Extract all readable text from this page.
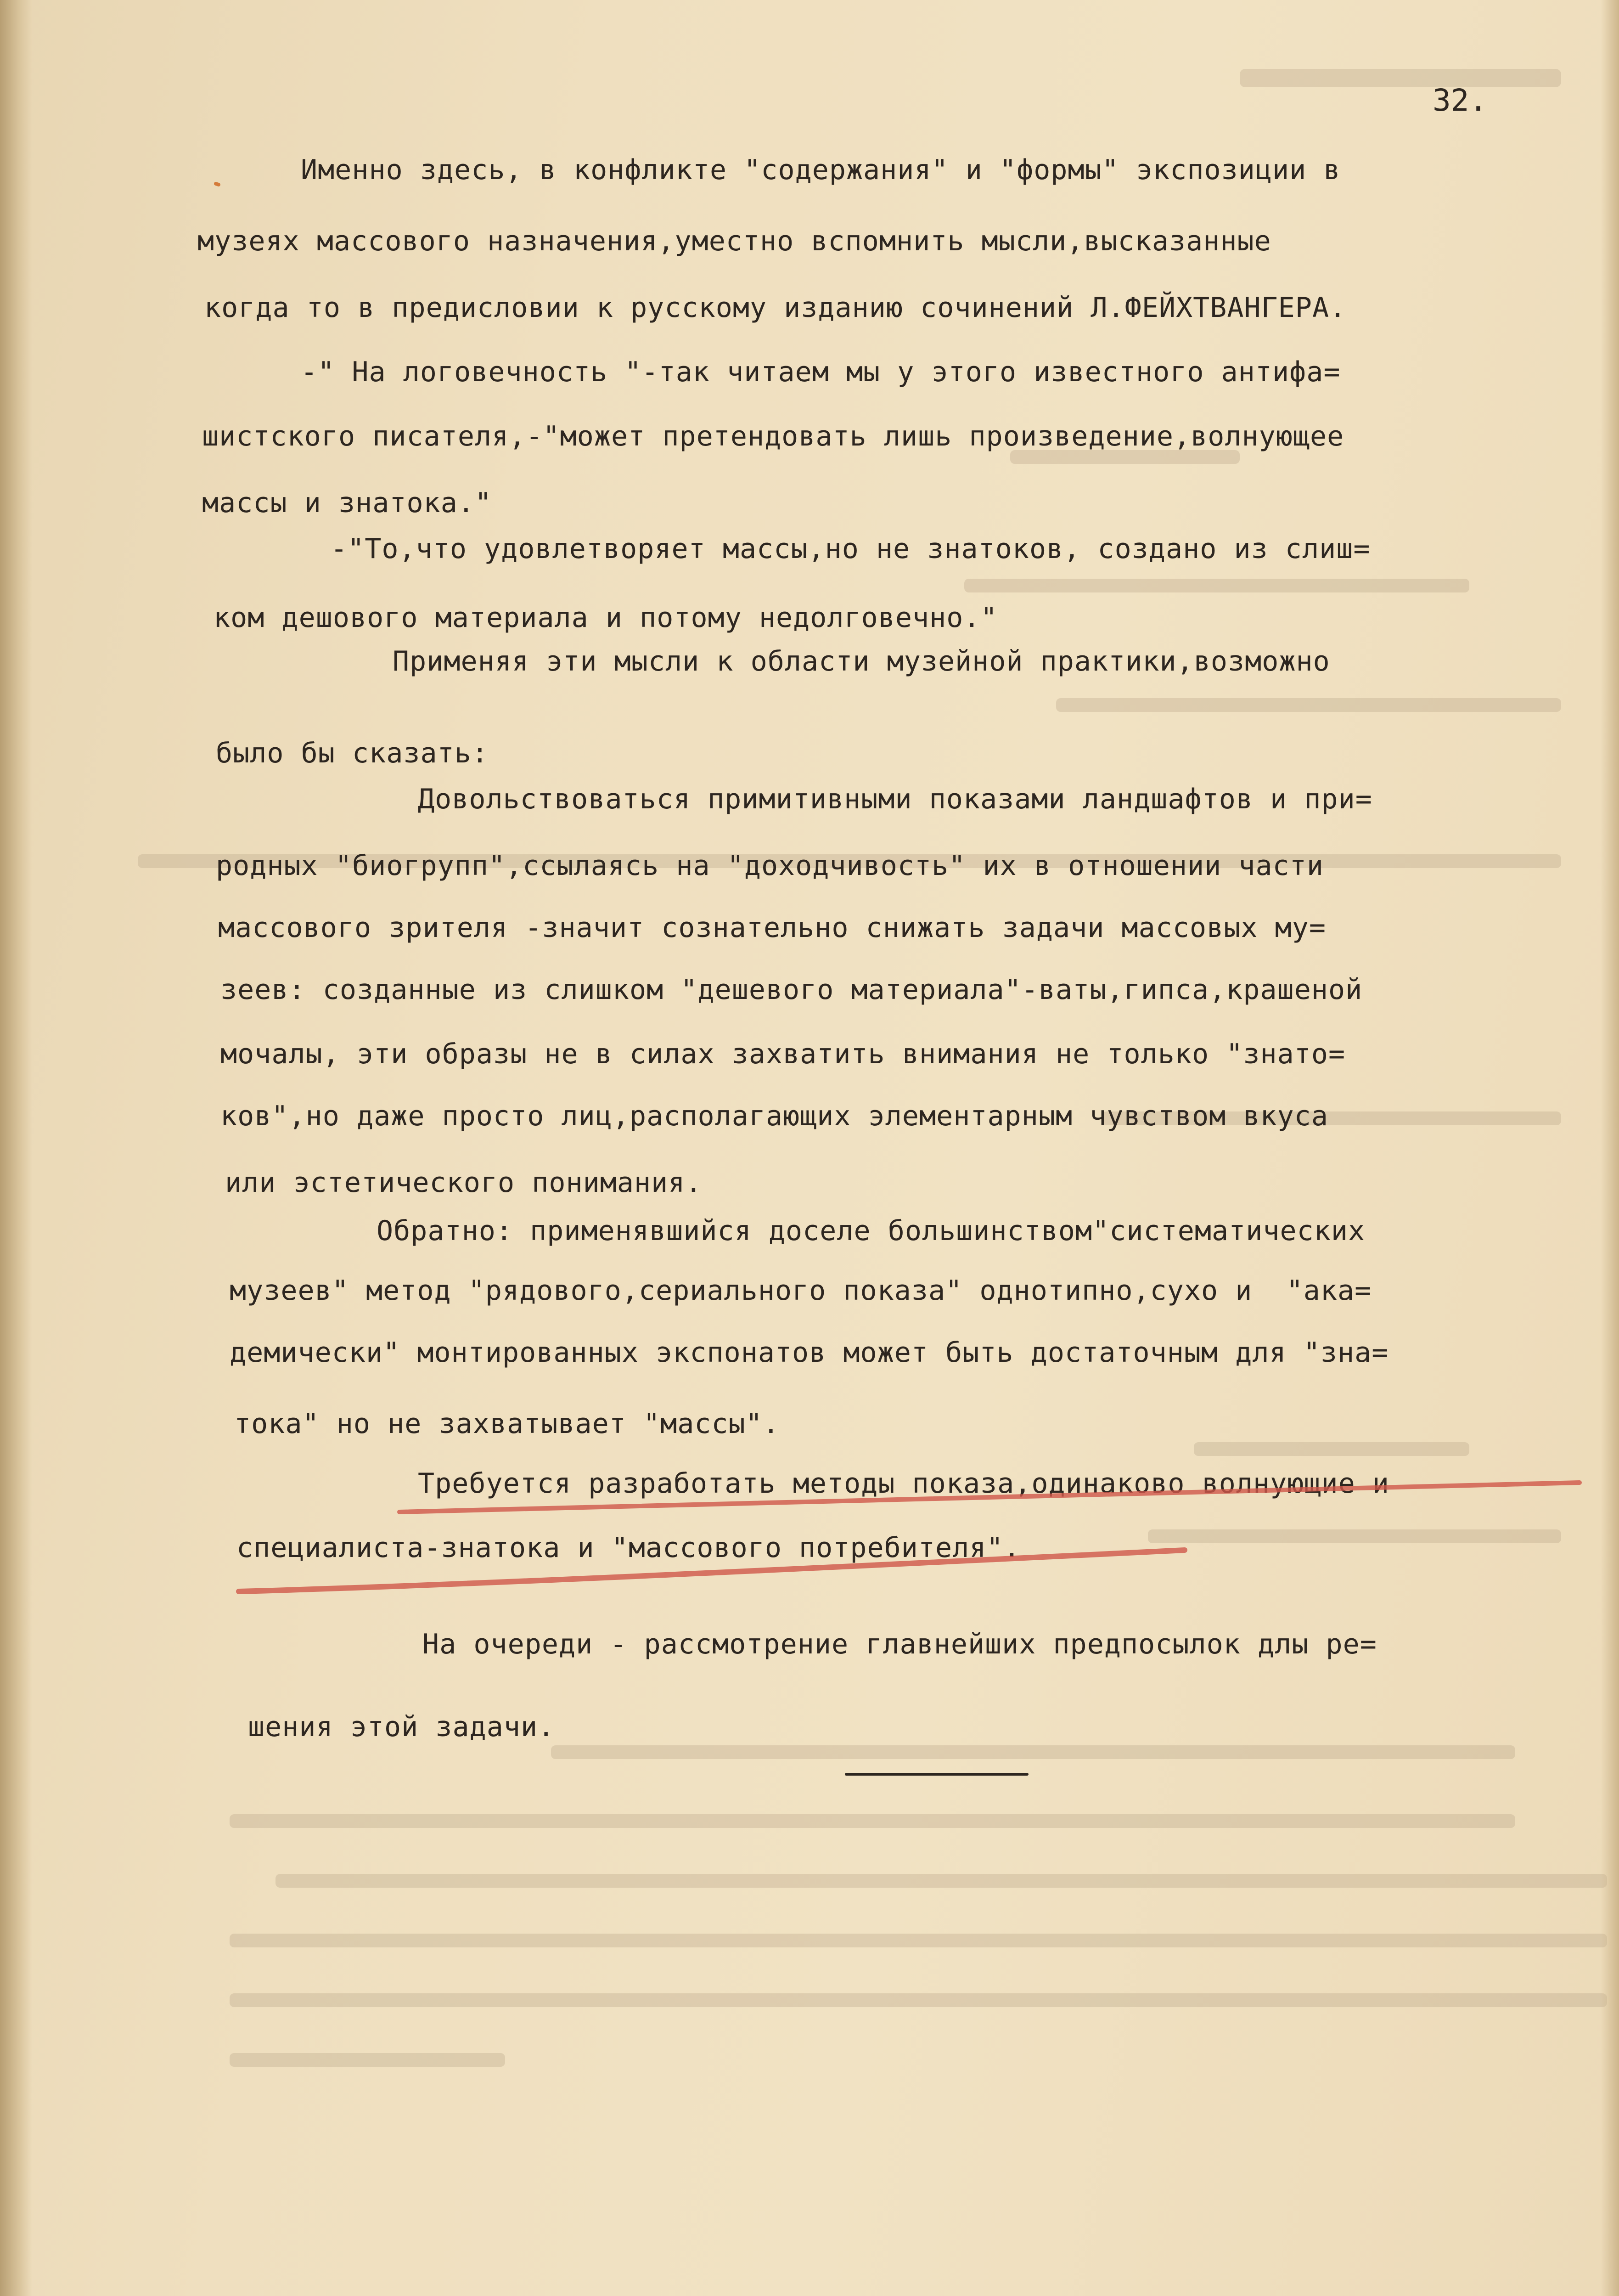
32.
Именно здесь, в конфликте "содержания" и "формы" экспозиции в
музеях массового назначения,уместно вспомнить мысли,высказанные
когда то в предисловии к русскому изданию сочинений Л.ФЕЙХТВАНГЕРА.
-" На логовечность "-так читаем мы у этого известного антифа=
шистского писателя,-"может претендовать лишь произведение,волнующее
массы и знатока."
-"То,что удовлетворяет массы,но не знатоков, создано из слиш=
ком дешового материала и потому недолговечно."
Применяя эти мысли к области музейной практики,возможно
было бы сказать:
Довольствоваться примитивными показами ландшафтов и при=
родных "биогрупп",ссылаясь на "доходчивость" их в отношении части
массового зрителя -значит сознательно снижать задачи массовых му=
зеев: созданные из слишком "дешевого материала"-ваты,гипса,крашеной
мочалы, эти образы не в силах захватить внимания не только "знато=
ков",но даже просто лиц,располагающих элементарным чувством вкуса
или эстетического понимания.
Обратно: применявшийся доселе большинством"систематических
музеев" метод "рядового,сериального показа" однотипно,сухо и  "ака=
демически" монтированных экспонатов может быть достаточным для "зна=
тока" но не захватывает "массы".
Требуется разработать методы показа,одинаково волнующие и
специалиста-знатока и "массового потребителя".
На очереди - рассмотрение главнейших предпосылок длы ре=
шения этой задачи.
